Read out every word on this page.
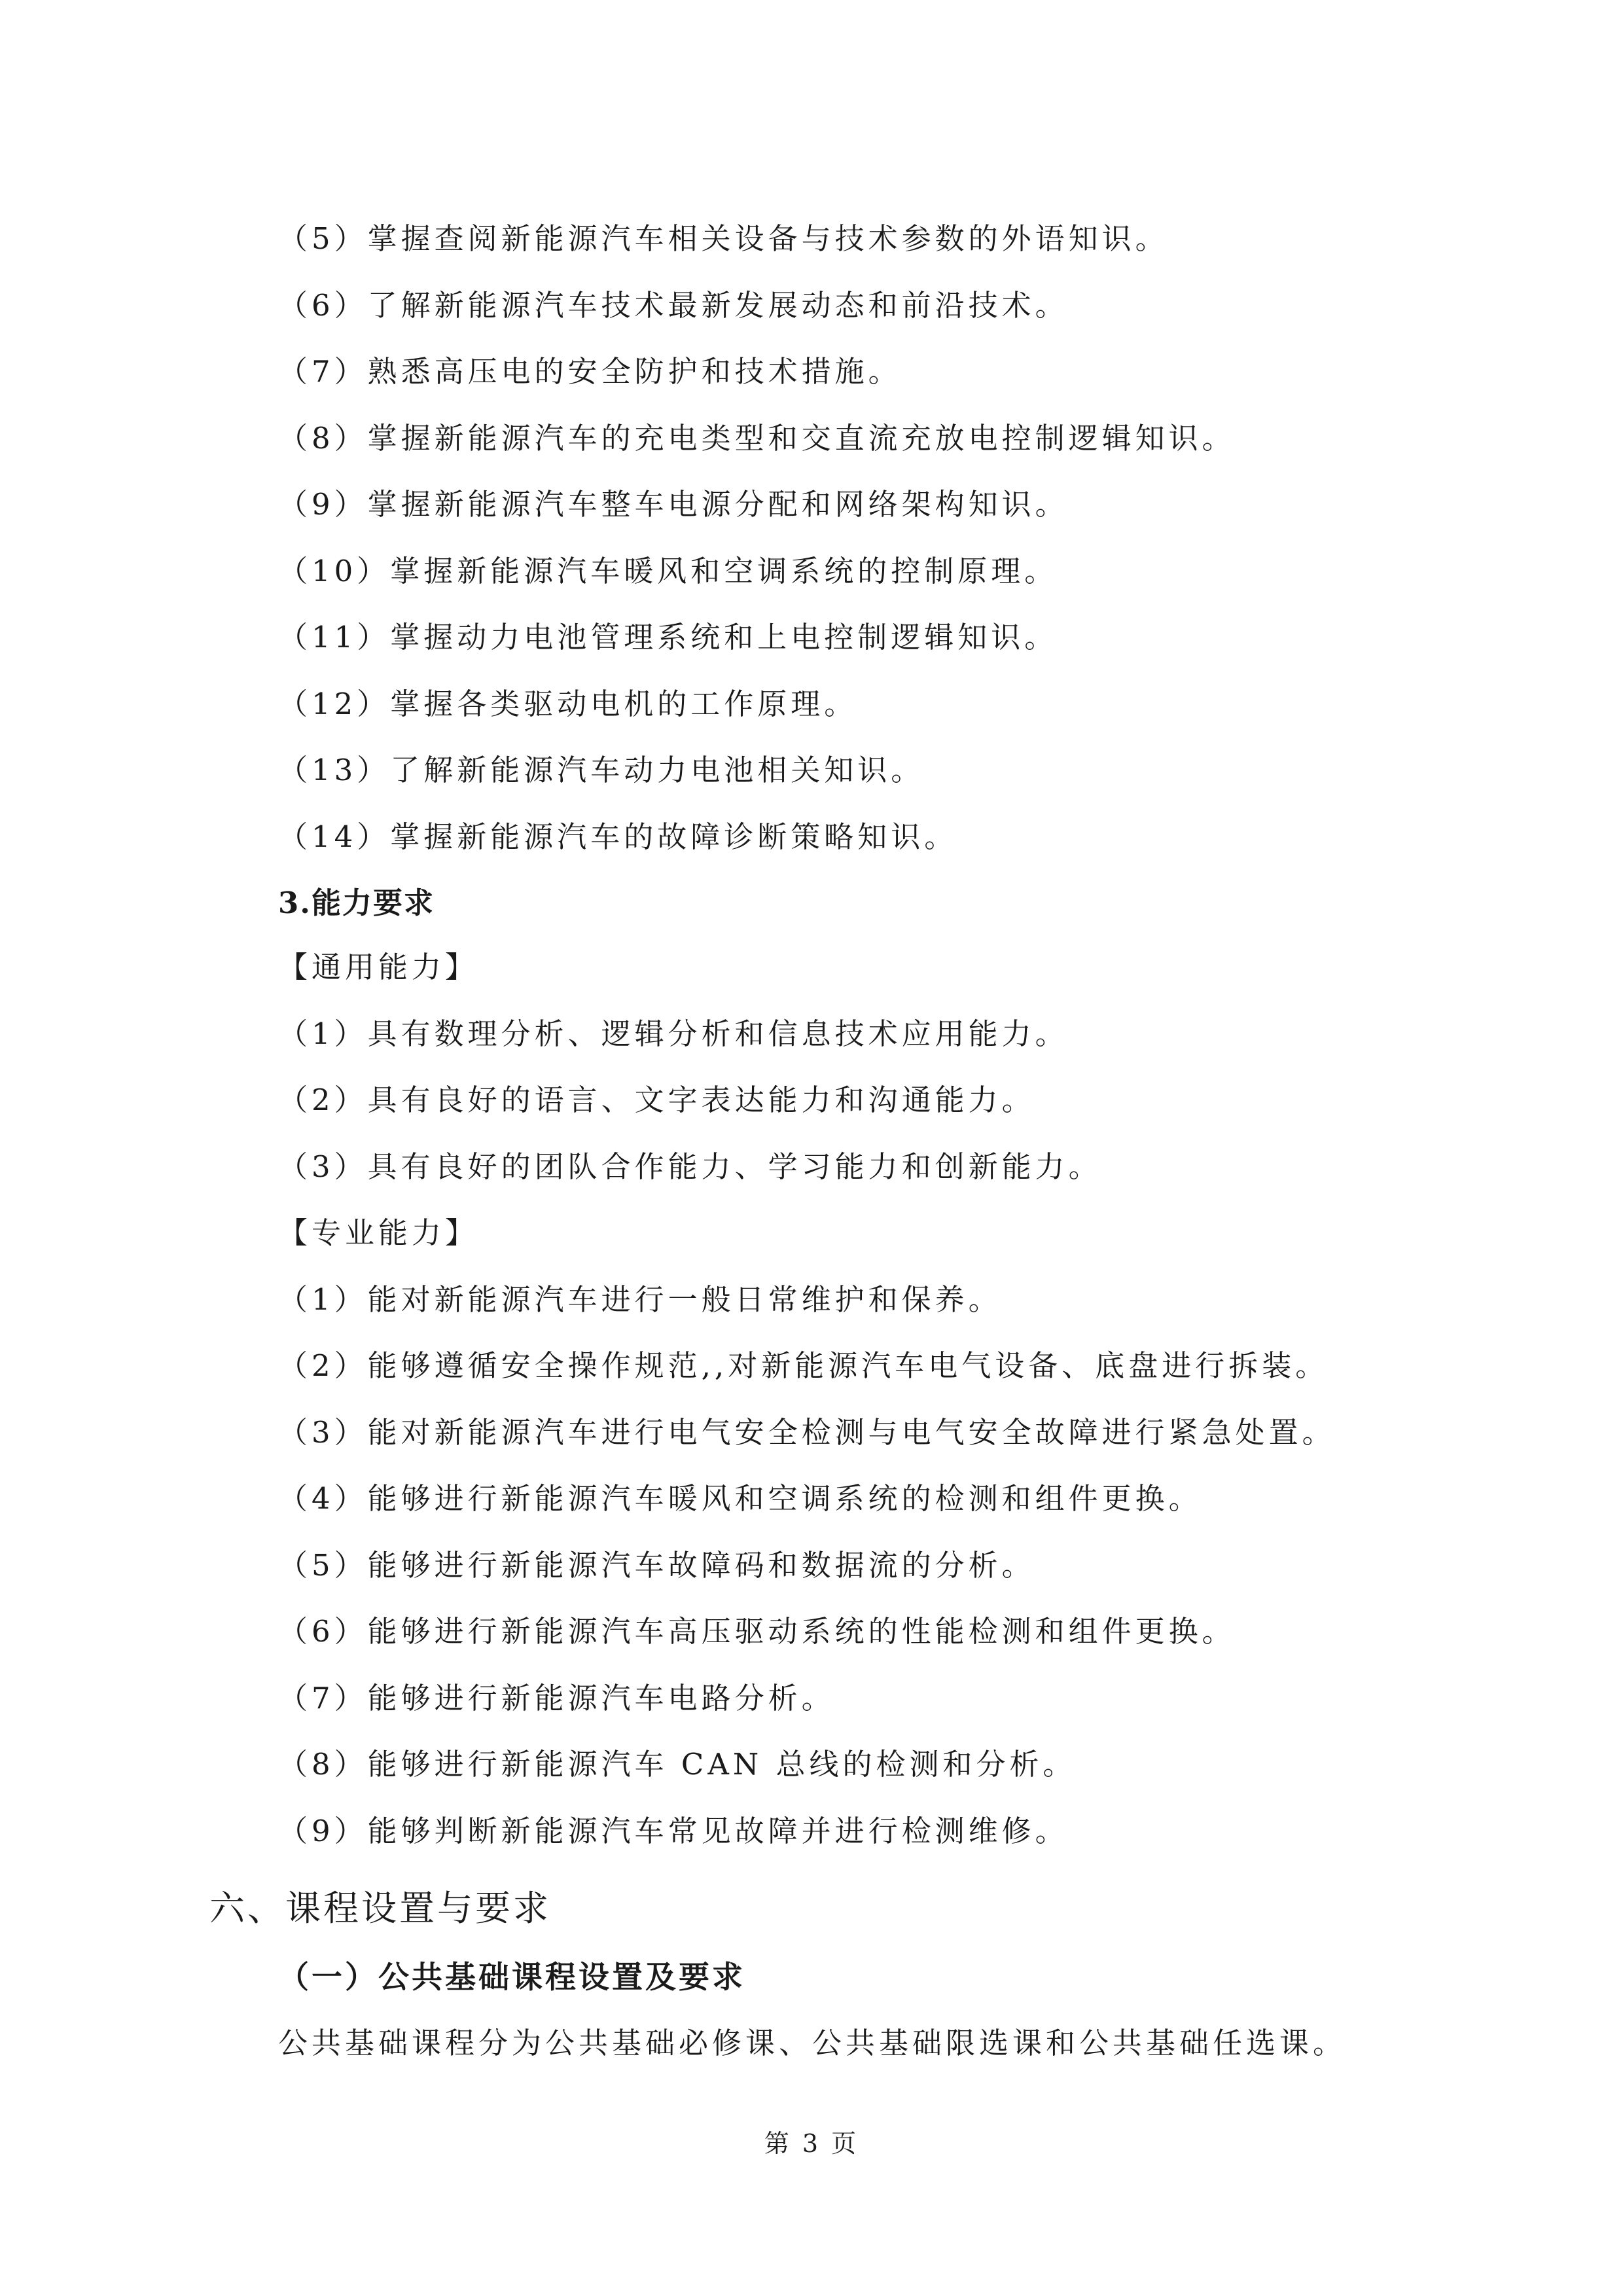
（5）掌握查阅新能源汽车相关设备与技术参数的外语知识。
（6）了解新能源汽车技术最新发展动态和前沿技术。
（7）熟悉高压电的安全防护和技术措施。
（8）掌握新能源汽车的充电类型和交直流充放电控制逻辑知识。
（9）掌握新能源汽车整车电源分配和网络架构知识。
（10）掌握新能源汽车暖风和空调系统的控制原理。
（11）掌握动力电池管理系统和上电控制逻辑知识。
（12）掌握各类驱动电机的工作原理。
（13）了解新能源汽车动力电池相关知识。
（14）掌握新能源汽车的故障诊断策略知识。
3.能力要求
【通用能力】
（1）具有数理分析、逻辑分析和信息技术应用能力。
（2）具有良好的语言、文字表达能力和沟通能力。
（3）具有良好的团队合作能力、学习能力和创新能力。
【专业能力】
（1）能对新能源汽车进行一般日常维护和保养。
（2）能够遵循安全操作规范,,对新能源汽车电气设备、底盘进行拆装。
（3）能对新能源汽车进行电气安全检测与电气安全故障进行紧急处置。
（4）能够进行新能源汽车暖风和空调系统的检测和组件更换。
（5）能够进行新能源汽车故障码和数据流的分析。
（6）能够进行新能源汽车高压驱动系统的性能检测和组件更换。
（7）能够进行新能源汽车电路分析。
（8）能够进行新能源汽车 CAN 总线的检测和分析。
（9）能够判断新能源汽车常见故障并进行检测维修。
六、课程设置与要求
（一）公共基础课程设置及要求
公共基础课程分为公共基础必修课、公共基础限选课和公共基础任选课。
第 3 页
